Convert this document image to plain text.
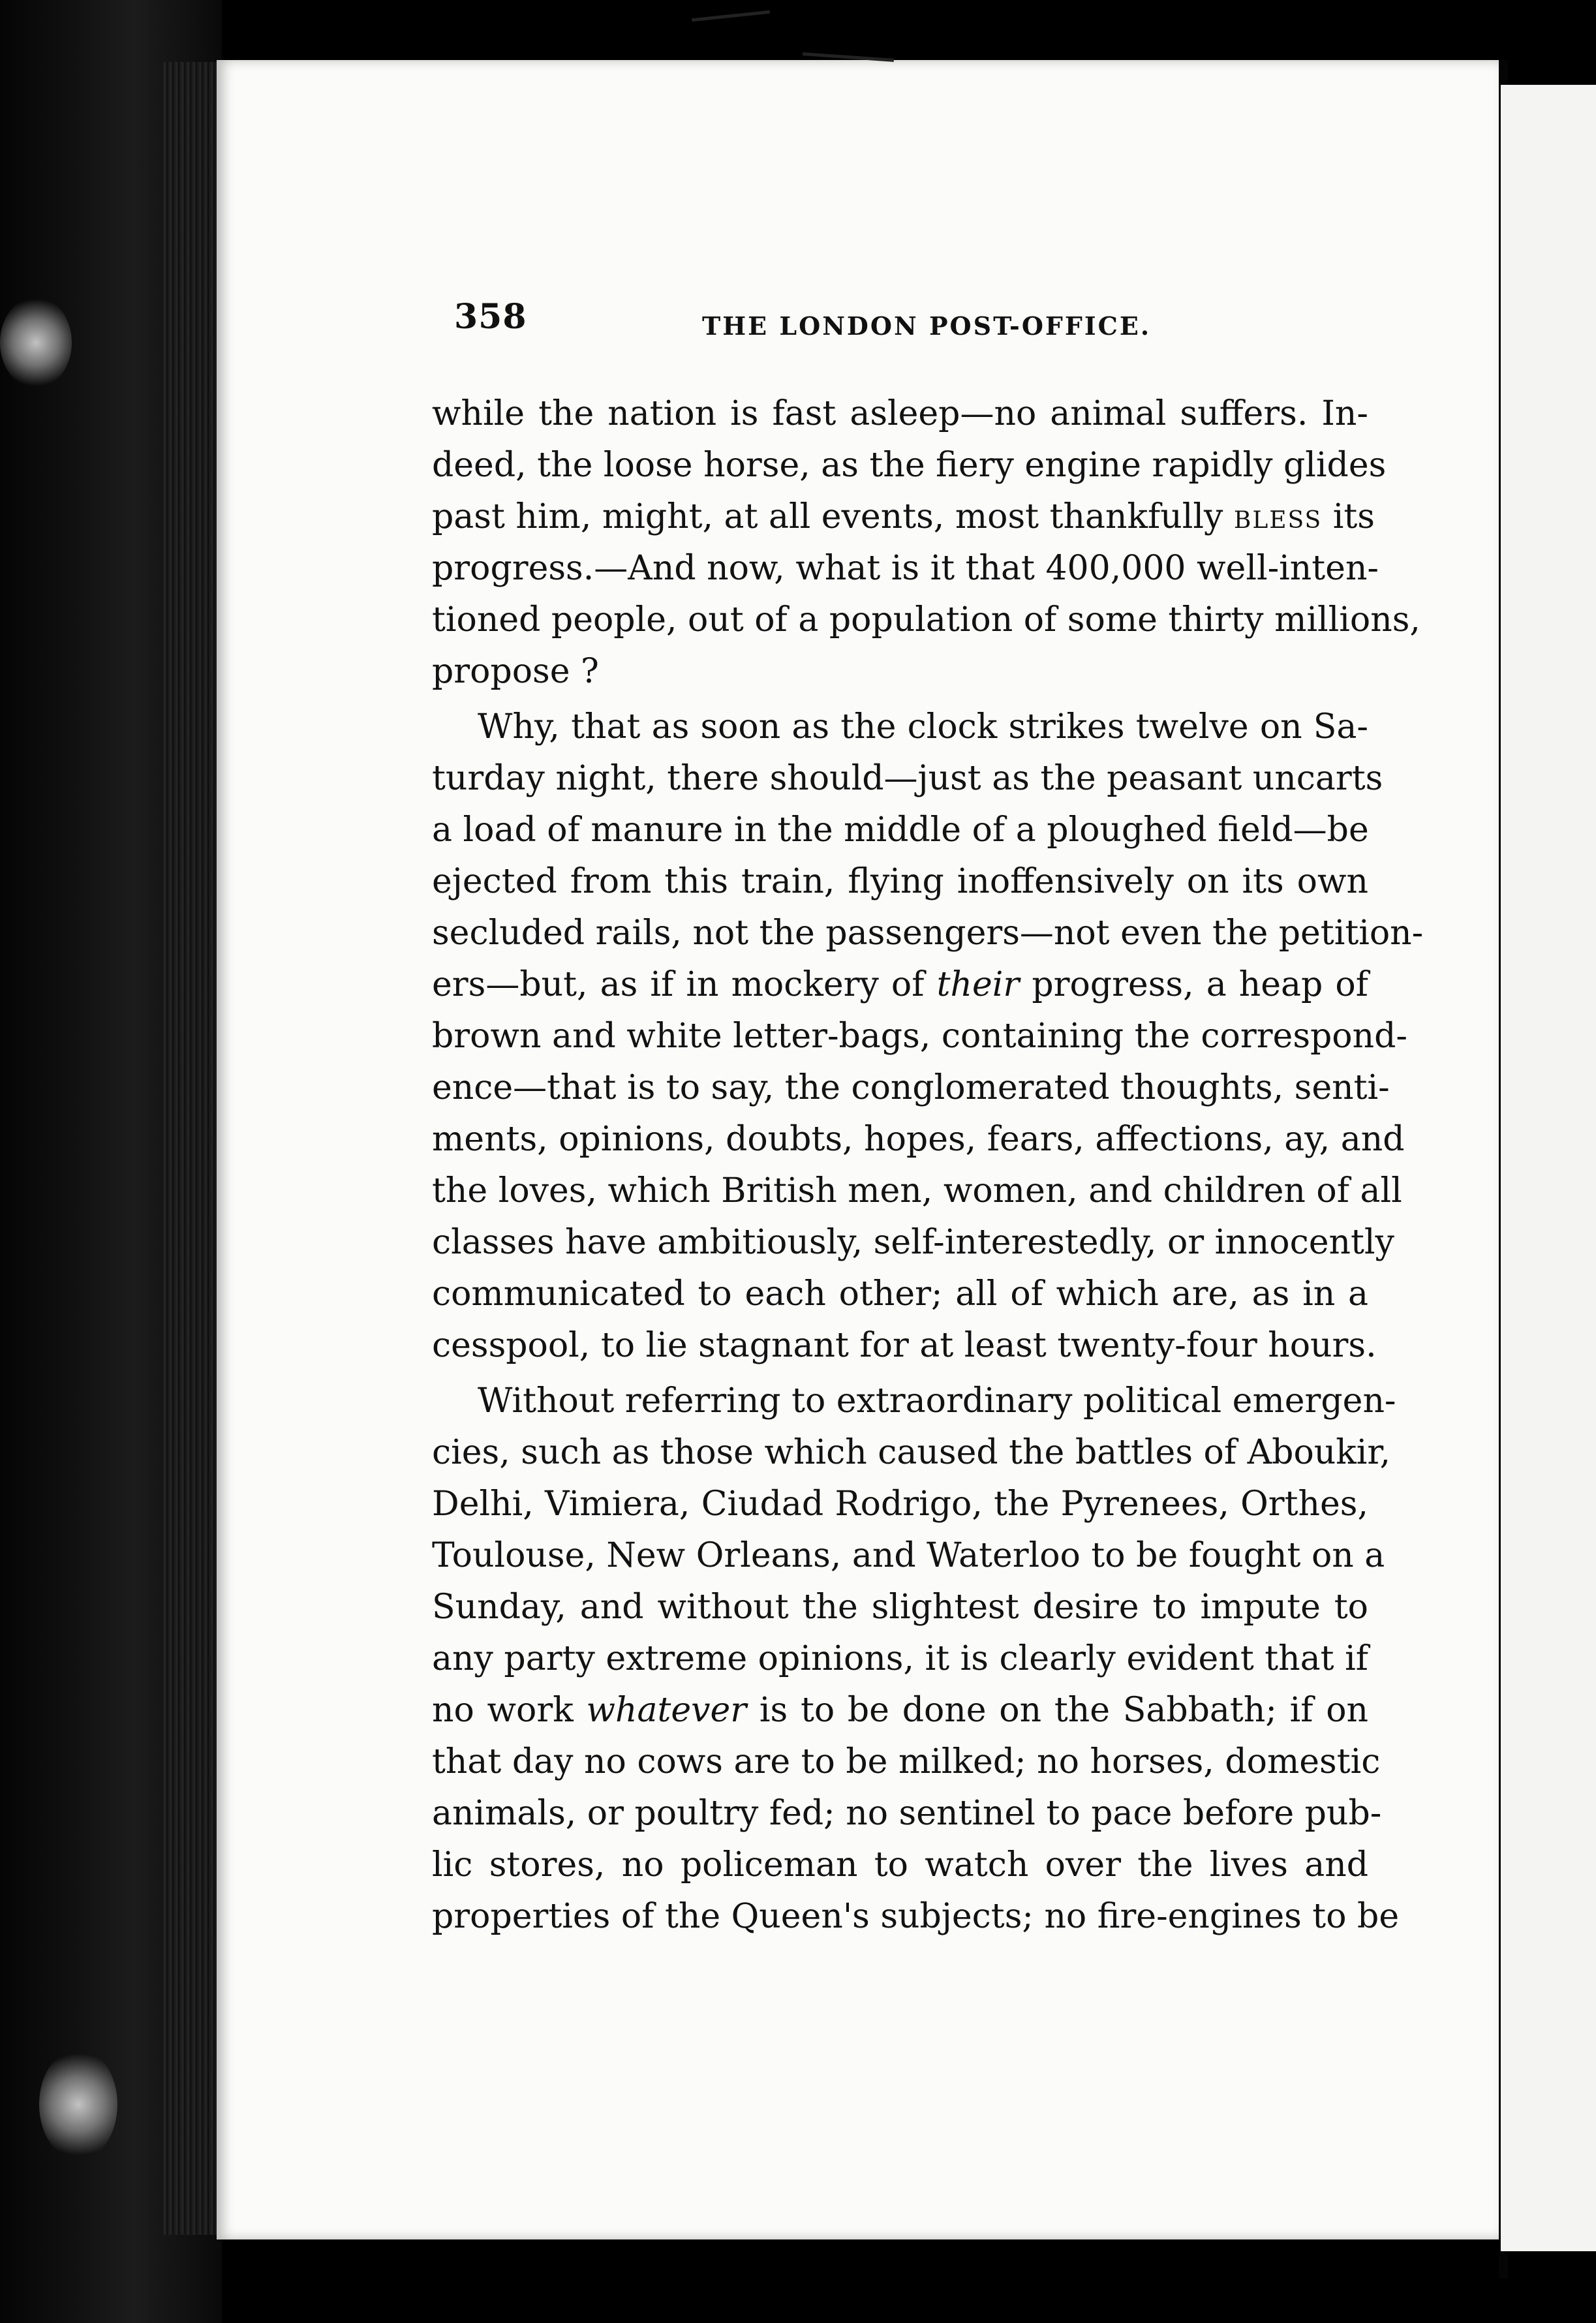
358	THE LONDON POST-OFFICE.
while the nation is fast asleep—no animal suffers. In-
deed, the loose horse, as the fiery engine rapidly glides
past him, might, at all events, most thankfully bless its
progress.—And now, what is it that 400,000 well-inten-
tioned people, out of a population of some thirty millions,
propose ?
Why, that as soon as the clock strikes twelve on Sa-
turday night, there should—just as the peasant uncarts
a load of manure in the middle of a ploughed field—be
ejected from this train, flying inoffensively on its own
secluded rails, not the passengers—not even the petition-
ers—but, as if in mockery of their progress, a heap of
brown and white letter-bags, containing the correspond-
ence—that is to say, the conglomerated thoughts, senti-
ments, opinions, doubts, hopes, fears, affections, ay, and
the loves, which British men, women, and children of all
classes have ambitiously, self-interestedly, or innocently
communicated to each other; all of which are, as in a
cesspool, to lie stagnant for at least twenty-four hours.
Without referring to extraordinary political emergen-
cies, such as those which caused the battles of Aboukir,
Delhi, Vimiera, Ciudad Rodrigo, the Pyrenees, Orthes,
Toulouse, New Orleans, and Waterloo to be fought on a
Sunday, and without the slightest desire to impute to
any party extreme opinions, it is clearly evident that if
no work whatever is to be done on the Sabbath; if on
that day no cows are to be milked; no horses, domestic
animals, or poultry fed; no sentinel to pace before pub-
lic stores, no policeman to watch over the lives and
properties of the Queen's subjects; no fire-engines to be
